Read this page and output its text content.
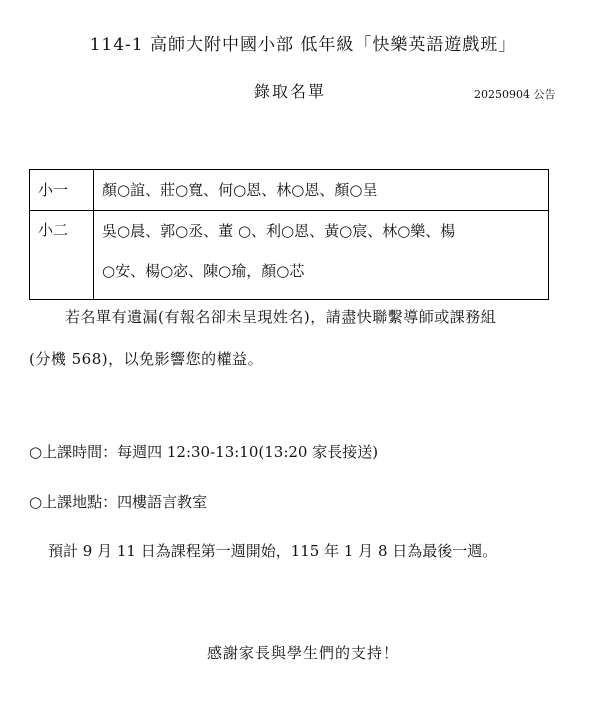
114-1 高師大附中國小部 低年級「快樂英語遊戲班」
錄取名單	20250904 公告
小一	顏○誼、莊○寬、何○恩、林○恩、顏○呈

小二	吳○晨、郭○丞、董 ○、利○恩、黃○宸、林○樂、楊
○安、楊○宓、陳○瑜，顏○芯
若名單有遺漏(有報名卻未呈現姓名)，請盡快聯繫導師或課務組
(分機 568)，以免影響您的權益。
○上課時間：每週四 12:30-13:10(13:20 家長接送)
○上課地點：四樓語言教室
預計 9 月 11 日為課程第一週開始，115 年 1 月 8 日為最後一週。
感謝家長與學生們的支持！
